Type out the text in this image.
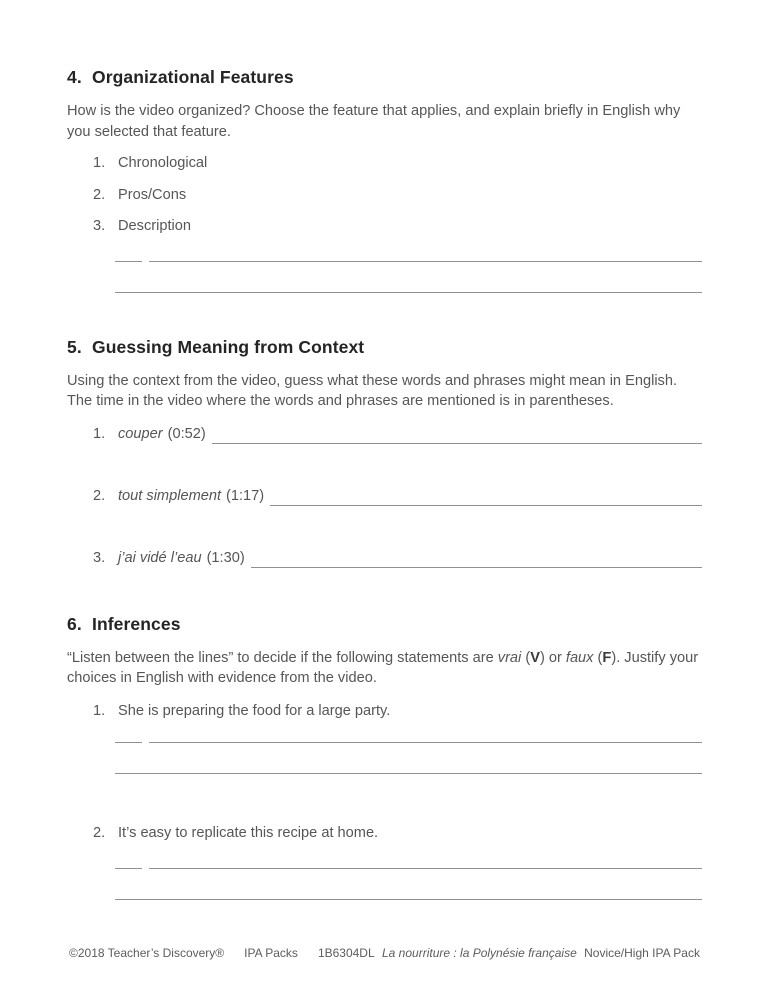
4. Organizational Features

How is the video organized? Choose the feature that applies, and explain briefly in English why you selected that feature.

1. Chronological
2. Pros/Cons
3. Description
5. Guessing Meaning from Context

Using the context from the video, guess what these words and phrases might mean in English. The time in the video where the words and phrases are mentioned is in parentheses.

1. couper (0:52)
2. tout simplement (1:17)
3. j’ai vidé l’eau (1:30)
6. Inferences

“Listen between the lines” to decide if the following statements are vrai (V) or faux (F). Justify your choices in English with evidence from the video.

1. She is preparing the food for a large party.
2. It’s easy to replicate this recipe at home.
©2018 Teacher’s Discovery® IPA Packs 1B6304DL La nourriture : la Polynésie française Novice/High IPA Pack
